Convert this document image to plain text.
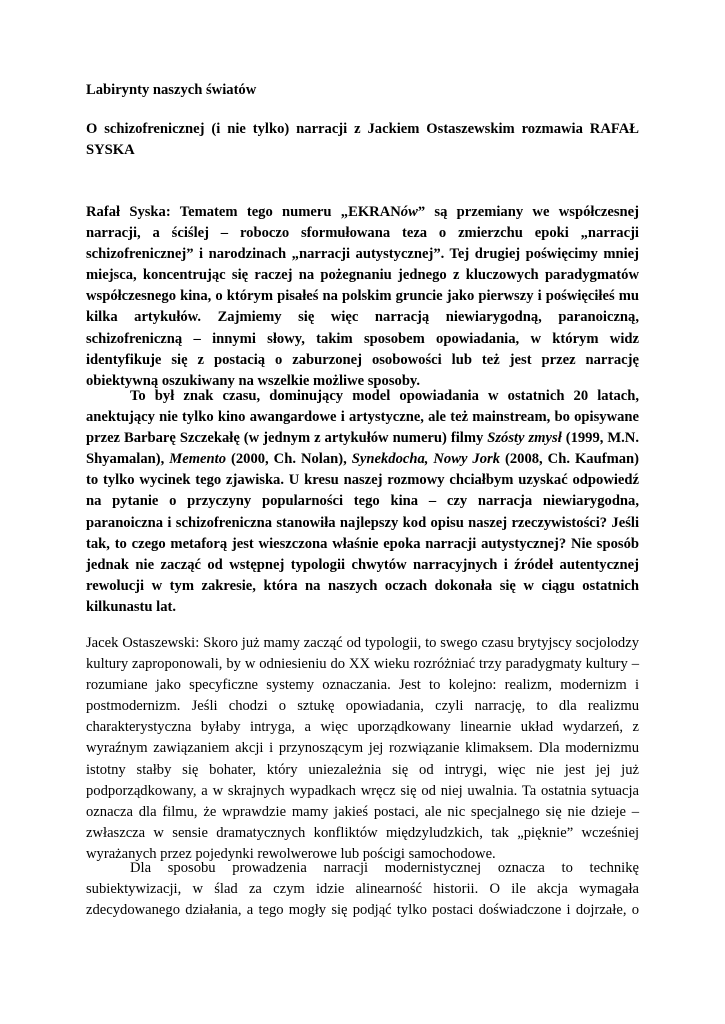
Labirynty naszych światów

O schizofrenicznej (i nie tylko) narracji z Jackiem Ostaszewskim rozmawia RAFAŁ
SYSKA

Rafał Syska: Tematem tego numeru „EKRANów” są przemiany we współczesnej
narracji, a ściślej – roboczo sformułowana teza o zmierzchu epoki „narracji
schizofrenicznej” i narodzinach „narracji autystycznej”. Tej drugiej poświęcimy mniej
miejsca, koncentrując się raczej na pożegnaniu jednego z kluczowych paradygmatów
współczesnego kina, o którym pisałeś na polskim gruncie jako pierwszy i poświęciłeś mu
kilka artykułów. Zajmiemy się więc narracją niewiarygodną, paranoiczną,
schizofreniczną – innymi słowy, takim sposobem opowiadania, w którym widz
identyfikuje się z postacią o zaburzonej osobowości lub też jest przez narrację
obiektywną oszukiwany na wszelkie możliwe sposoby.
To był znak czasu, dominujący model opowiadania w ostatnich 20 latach,
anektujący nie tylko kino awangardowe i artystyczne, ale też mainstream, bo opisywane
przez Barbarę Szczekałę (w jednym z artykułów numeru) filmy Szósty zmysł (1999, M.N.
Shyamalan), Memento (2000, Ch. Nolan), Synekdocha, Nowy Jork (2008, Ch. Kaufman)
to tylko wycinek tego zjawiska. U kresu naszej rozmowy chciałbym uzyskać odpowiedź
na pytanie o przyczyny popularności tego kina – czy narracja niewiarygodna,
paranoiczna i schizofreniczna stanowiła najlepszy kod opisu naszej rzeczywistości? Jeśli
tak, to czego metaforą jest wieszczona właśnie epoka narracji autystycznej? Nie sposób
jednak nie zacząć od wstępnej typologii chwytów narracyjnych i źródeł autentycznej
rewolucji w tym zakresie, która na naszych oczach dokonała się w ciągu ostatnich
kilkunastu lat.
Jacek Ostaszewski: Skoro już mamy zacząć od typologii, to swego czasu brytyjscy socjolodzy
kultury zaproponowali, by w odniesieniu do XX wieku rozróżniać trzy paradygmaty kultury –
rozumiane jako specyficzne systemy oznaczania. Jest to kolejno: realizm, modernizm i
postmodernizm. Jeśli chodzi o sztukę opowiadania, czyli narrację, to dla realizmu
charakterystyczna byłaby intryga, a więc uporządkowany linearnie układ wydarzeń, z
wyraźnym zawiązaniem akcji i przynoszącym jej rozwiązanie klimaksem. Dla modernizmu
istotny stałby się bohater, który uniezależnia się od intrygi, więc nie jest jej już
podporządkowany, a w skrajnych wypadkach wręcz się od niej uwalnia. Ta ostatnia sytuacja
oznacza dla filmu, że wprawdzie mamy jakieś postaci, ale nic specjalnego się nie dzieje –
zwłaszcza w sensie dramatycznych konfliktów międzyludzkich, tak „pięknie” wcześniej
wyrażanych przez pojedynki rewolwerowe lub pościgi samochodowe.
Dla sposobu prowadzenia narracji modernistycznej oznacza to technikę
subiektywizacji, w ślad za czym idzie alinearność historii. O ile akcja wymagała
zdecydowanego działania, a tego mogły się podjąć tylko postaci doświadczone i dojrzałe, o
